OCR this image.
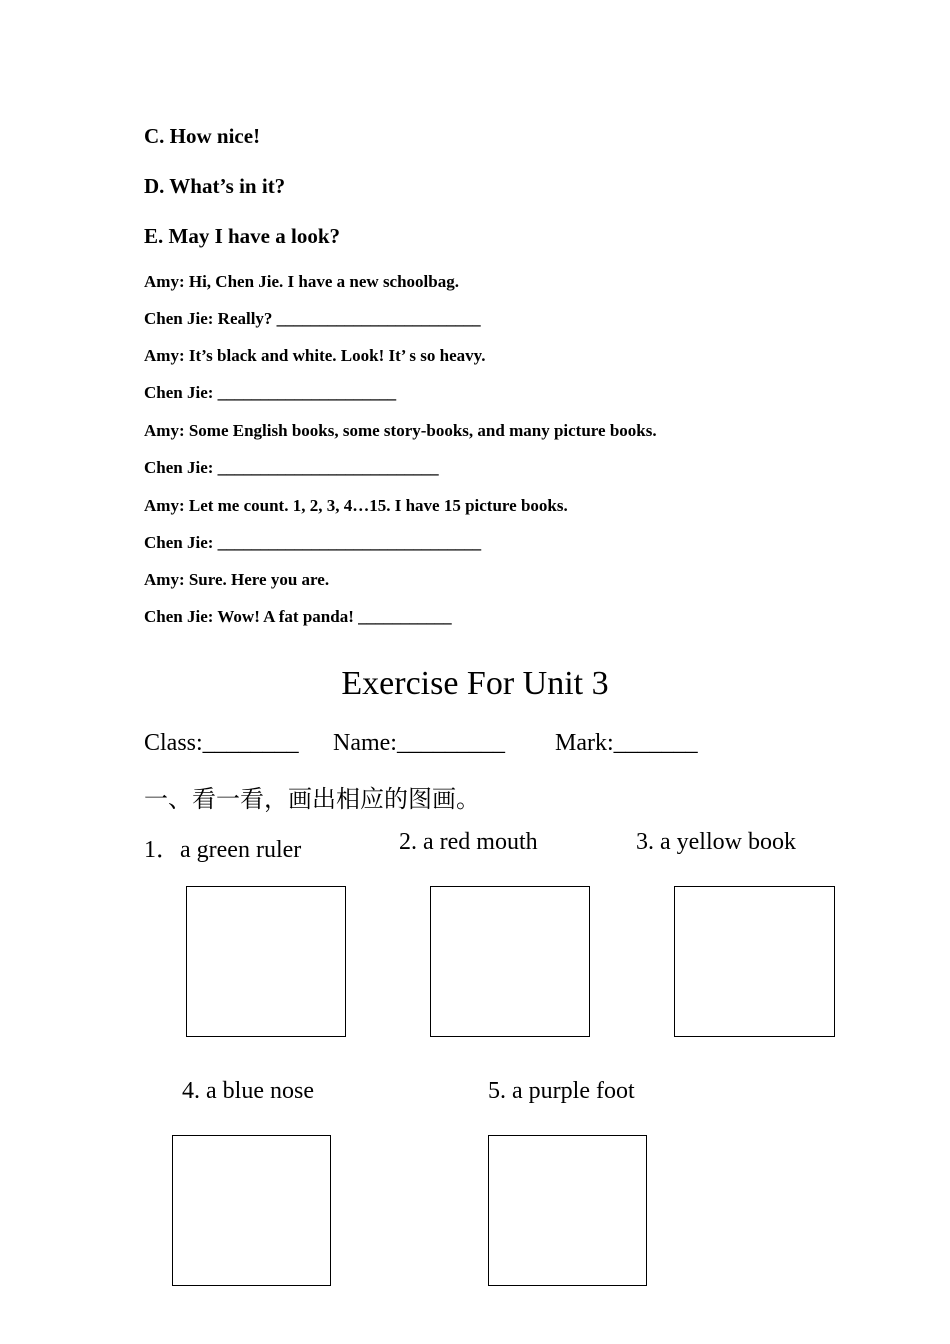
C. How nice!
D. What’s in it?
E. May I have a look?
Amy: Hi, Chen Jie. I have a new schoolbag.
Chen Jie: Really? ________________________
Amy: It’s black and white. Look! It’ s so heavy.
Chen Jie: _____________________
Amy: Some English books, some story-books, and many picture books.
Chen Jie: __________________________
Amy: Let me count. 1, 2, 3, 4…15. I have 15 picture books.
Chen Jie: _______________________________
Amy: Sure. Here you are.
Chen Jie: Wow! A fat panda! ___________
Exercise For Unit 3
Class:________ Name:_________ Mark:_______
一、看一看，画出相应的图画。
1．a green ruler	2. a red mouth	3. a yellow book
4. a blue nose	5. a purple foot
